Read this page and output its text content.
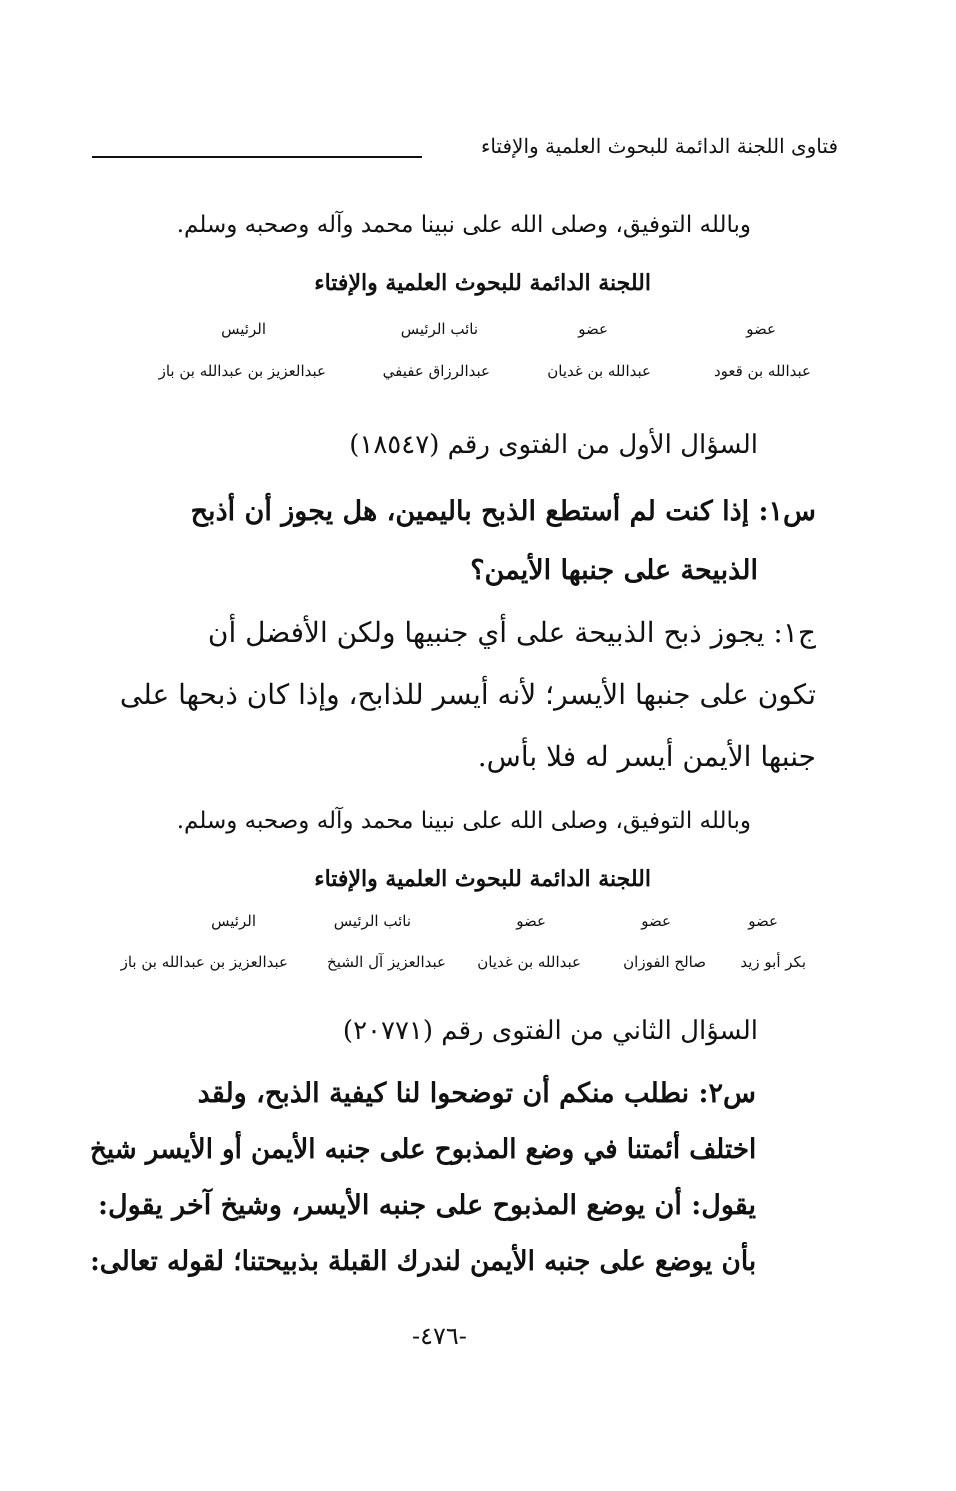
فتاوى اللجنة الدائمة للبحوث العلمية والإفتاء
وبالله التوفيق، وصلى الله على نبينا محمد وآله وصحبه وسلم.
اللجنة الدائمة للبحوث العلمية والإفتاء
عضو
عضو
نائب الرئيس
الرئيس
عبدالله بن قعود
عبدالله بن غديان
عبدالرزاق عفيفي
عبدالعزيز بن عبدالله بن باز
السؤال الأول من الفتوى رقم (١٨٥٤٧)
س١: إذا كنت لم أستطع الذبح باليمين، هل يجوز أن أذبح
الذبيحة على جنبها الأيمن؟
ج١: يجوز ذبح الذبيحة على أي جنبيها ولكن الأفضل أن
تكون على جنبها الأيسر؛ لأنه أيسر للذابح، وإذا كان ذبحها على
جنبها الأيمن أيسر له فلا بأس.
وبالله التوفيق، وصلى الله على نبينا محمد وآله وصحبه وسلم.
اللجنة الدائمة للبحوث العلمية والإفتاء
عضو
عضو
عضو
نائب الرئيس
الرئيس
بكر أبو زيد
صالح الفوزان
عبدالله بن غديان
عبدالعزيز آل الشيخ
عبدالعزيز بن عبدالله بن باز
السؤال الثاني من الفتوى رقم (٢٠٧٧١)
س٢: نطلب منكم أن توضحوا لنا كيفية الذبح، ولقد
اختلف أئمتنا في وضع المذبوح على جنبه الأيمن أو الأيسر شيخ
يقول: أن يوضع المذبوح على جنبه الأيسر، وشيخ آخر يقول:
بأن يوضع على جنبه الأيمن لندرك القبلة بذبيحتنا؛ لقوله تعالى:
-٤٧٦-
